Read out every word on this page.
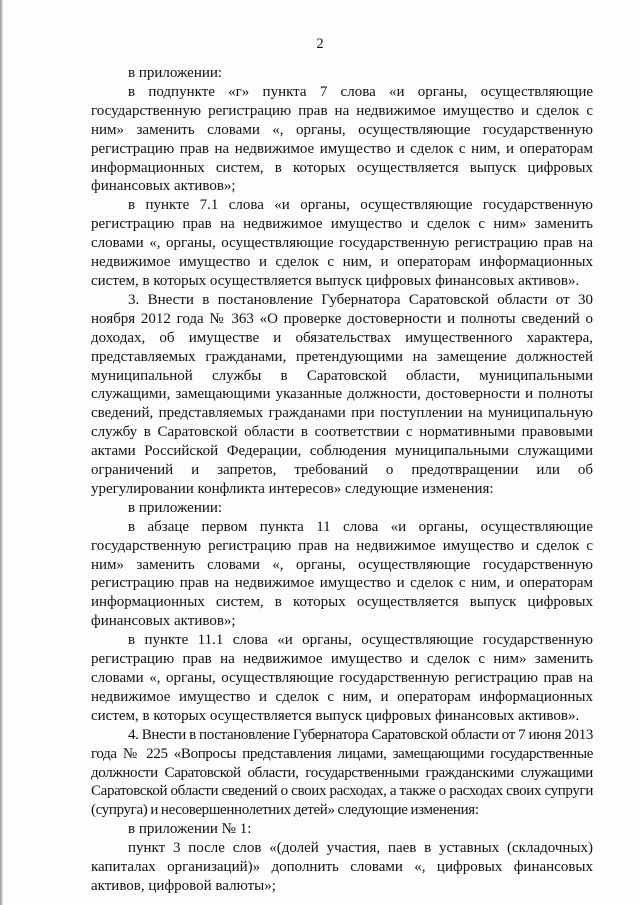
2

в приложении:

в подпункте «г» пункта 7 слова «и органы, осуществляющие государственную регистрацию прав на недвижимое имущество и сделок с ним» заменить словами «, органы, осуществляющие государственную регистрацию прав на недвижимое имущество и сделок с ним, и операторам информационных систем, в которых осуществляется выпуск цифровых финансовых активов»;

в пункте 7.1 слова «и органы, осуществляющие государственную регистрацию прав на недвижимое имущество и сделок с ним» заменить словами «, органы, осуществляющие государственную регистрацию прав на недвижимое имущество и сделок с ним, и операторам информационных систем, в которых осуществляется выпуск цифровых финансовых активов».

3. Внести в постановление Губернатора Саратовской области от 30 ноября 2012 года № 363 «О проверке достоверности и полноты сведений о доходах, об имуществе и обязательствах имущественного характера, представляемых гражданами, претендующими на замещение должностей муниципальной службы в Саратовской области, муниципальными служащими, замещающими указанные должности, достоверности и полноты сведений, представляемых гражданами при поступлении на муниципальную службу в Саратовской области в соответствии с нормативными правовыми актами Российской Федерации, соблюдения муниципальными служащими ограничений и запретов, требований о предотвращении или об урегулировании конфликта интересов» следующие изменения:

в приложении:

в абзаце первом пункта 11 слова «и органы, осуществляющие государственную регистрацию прав на недвижимое имущество и сделок с ним» заменить словами «, органы, осуществляющие государственную регистрацию прав на недвижимое имущество и сделок с ним, и операторам информационных систем, в которых осуществляется выпуск цифровых финансовых активов»;

в пункте 11.1 слова «и органы, осуществляющие государственную регистрацию прав на недвижимое имущество и сделок с ним» заменить словами «, органы, осуществляющие государственную регистрацию прав на недвижимое имущество и сделок с ним, и операторам информационных систем, в которых осуществляется выпуск цифровых финансовых активов».

4. Внести в постановление Губернатора Саратовской области от 7 июня 2013 года № 225 «Вопросы представления лицами, замещающими государственные должности Саратовской области, государственными гражданскими служащими Саратовской области сведений о своих расходах, а также о расходах своих супруги (супруга) и несовершеннолетних детей» следующие изменения:

в приложении № 1:

пункт 3 после слов «(долей участия, паев в уставных (складочных) капиталах организаций)» дополнить словами «, цифровых финансовых активов, цифровой валюты»;
